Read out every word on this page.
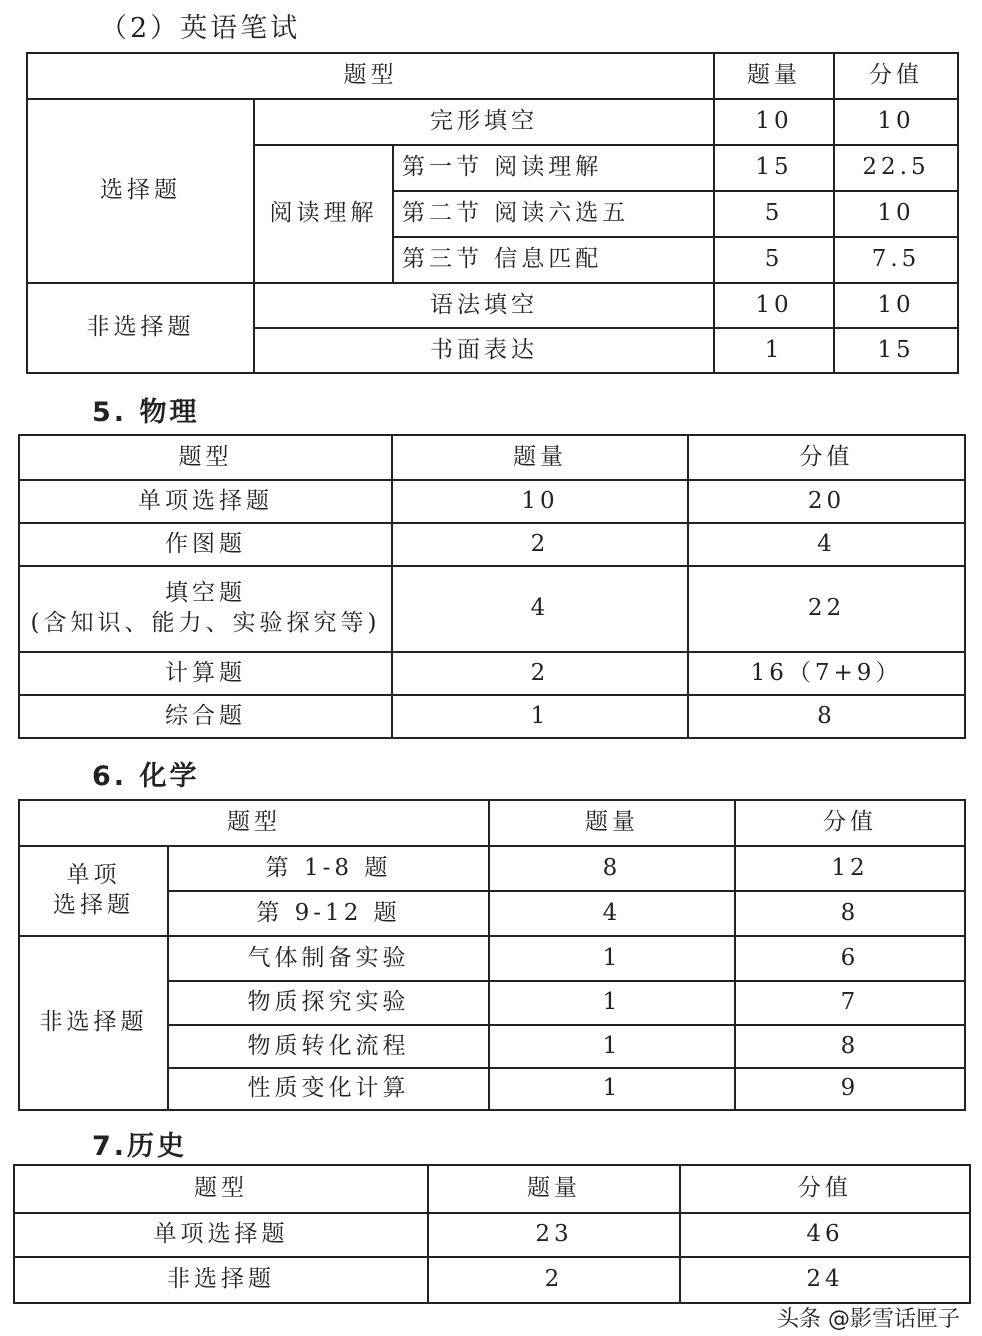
（2）英语笔试
题型			题量	分值
选择题	完形填空		10	10
	阅读理解	第一节 阅读理解	15	22.5
		第二节 阅读六选五	5	10
		第三节 信息匹配	5	7.5
非选择题	语法填空		10	10
	书面表达		1	15
5. 物理
题型	题量	分值
单项选择题	10	20
作图题	2	4
填空题
(含知识、能力、实验探究等)	4	22
计算题	2	16（7+9）
综合题	1	8
6. 化学
题型		题量	分值
单项
选择题	第 1-8 题	8	12
	第 9-12 题	4	8
非选择题	气体制备实验	1	6
	物质探究实验	1	7
	物质转化流程	1	8
	性质变化计算	1	9
7.历史
题型	题量	分值
单项选择题	23	46
非选择题	2	24
头条 @影雪话匣子
